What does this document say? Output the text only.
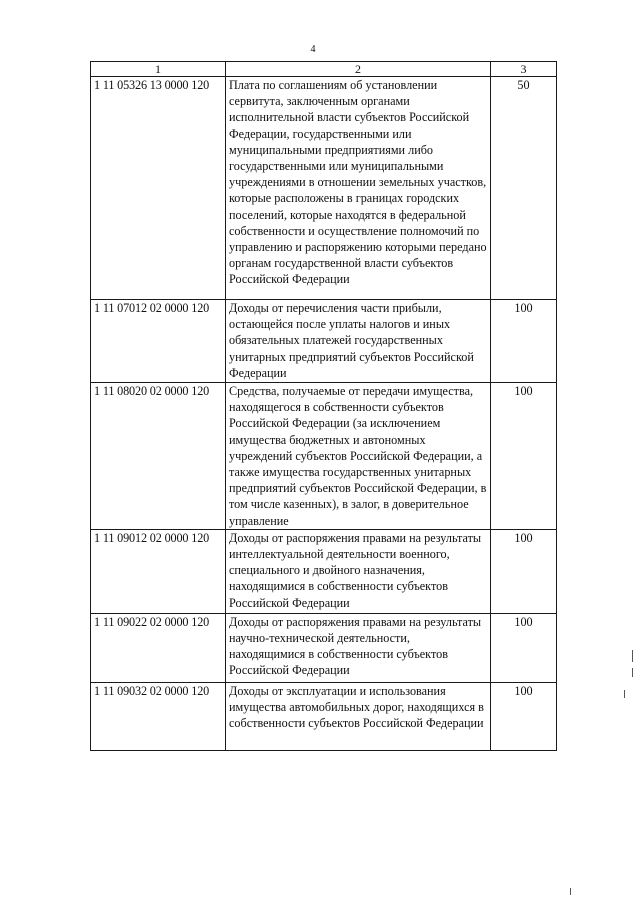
4
1	2	3
1 11 05326 13 0000 120	Плата по соглашениям об установлении сервитута, заключенным органами исполнительной власти субъектов Российской Федерации, государственными или муниципальными предприятиями либо государственными или муниципальными учреждениями в отношении земельных участков, которые расположены в границах городских поселений, которые находятся в федеральной собственности и осуществление полномочий по управлению и распоряжению которыми передано органам государственной власти субъектов Российской Федерации	50
1 11 07012 02 0000 120	Доходы от перечисления части прибыли, остающейся после уплаты налогов и иных обязательных платежей государственных унитарных предприятий субъектов Российской Федерации	100
1 11 08020 02 0000 120	Средства, получаемые от передачи имущества, находящегося в собственности субъектов Российской Федерации (за исключением имущества бюджетных и автономных учреждений субъектов Российской Федерации, а также имущества государственных унитарных предприятий субъектов Российской Федерации, в том числе казенных), в залог, в доверительное управление	100
1 11 09012 02 0000 120	Доходы от распоряжения правами на результаты интеллектуальной деятельности военного, специального и двойного назначения, находящимися в собственности субъектов Российской Федерации	100
1 11 09022 02 0000 120	Доходы от распоряжения правами на результаты научно-технической деятельности, находящимися в собственности субъектов Российской Федерации	100
1 11 09032 02 0000 120	Доходы от эксплуатации и использования имущества автомобильных дорог, находящихся в собственности субъектов Российской Федерации	100
